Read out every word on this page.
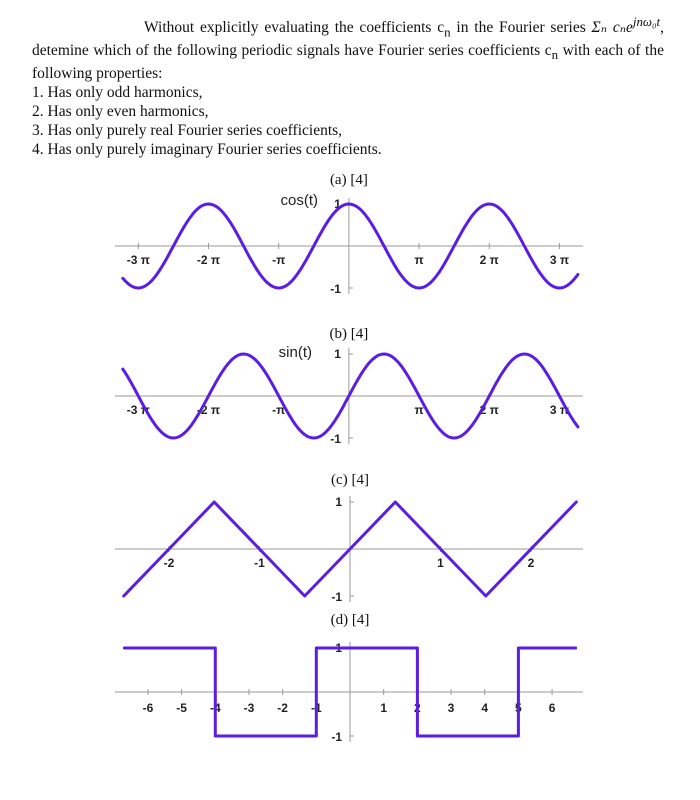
Without explicitly evaluating the coefficients $c_n$ in the Fourier series Σₙ cₙe$^{jn\omega_0t}$, detemine which of the following periodic signals have Fourier series coefficients $c_n$ with each of the following properties:

1. Has only odd harmonics,
2. Has only even harmonics,
3. Has only purely real Fourier series coefficients,
4. Has only purely imaginary Fourier series coefficients.
(a) [4]
cos(t)
-3 π	-2 π	-π	π	2 π	3 π
1
-1
(b) [4]
sin(t)
-3 π	-2 π	-π	π	2 π	3 π
1
-1
(c) [4]
-2	-1	1	2
1
-1
(d) [4]
-6 -5 -4 -3 -2 -1	1 2 3 4 5 6
1
-1
